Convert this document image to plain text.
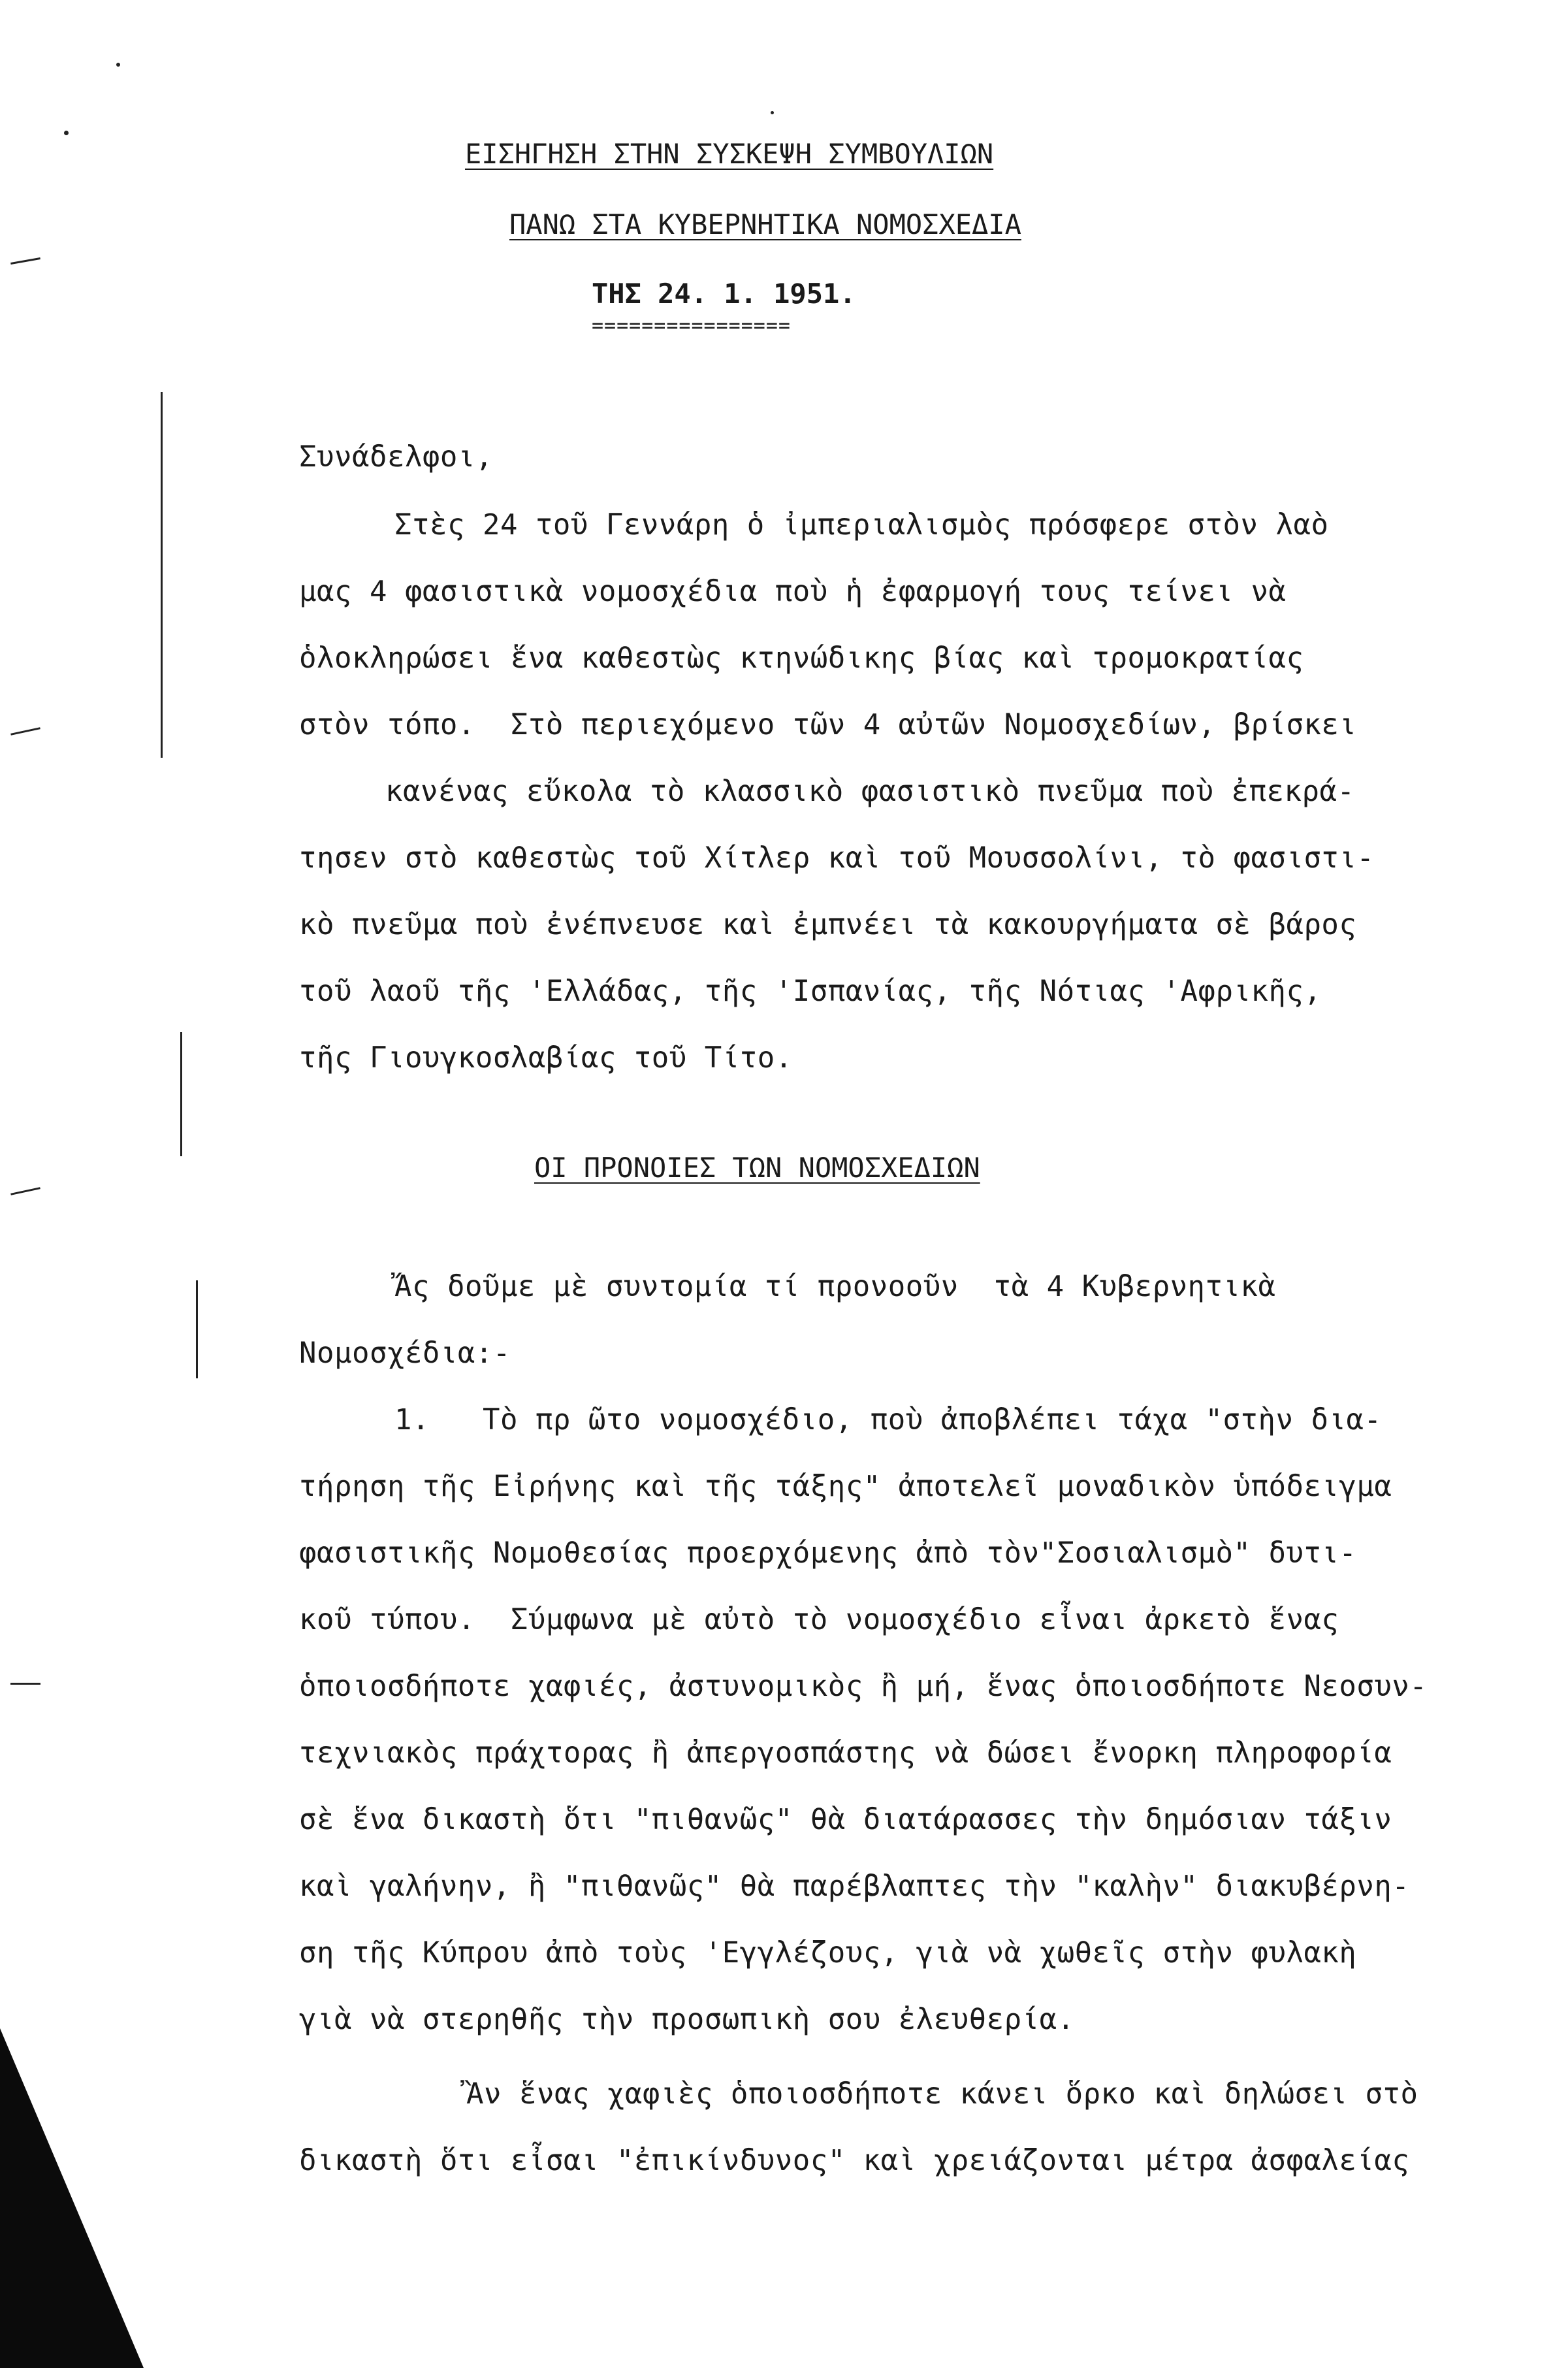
ΕΙΣΗΓΗΣΗ ΣΤΗΝ ΣΥΣΚΕΨΗ ΣΥΜΒΟΥΛΙΩΝ
ΠΑΝΩ ΣΤΑ ΚΥΒΕΡΝΗΤΙΚΑ ΝΟΜΟΣΧΕΔΙΑ
ΤΗΣ 24. 1. 1951.
================
Συνάδελφοι,
Στὲς 24 τοῦ Γεννάρη ὁ ἰμπεριαλισμὸς πρόσφερε στὸν λαὸ
μας 4 φασιστικὰ νομοσχέδια ποὺ ἡ ἐφαρμογή τους τείνει νὰ
ὁλοκληρώσει ἕνα καθεστὼς κτηνώδικης βίας καὶ τρομοκρατίας
στὸν τόπο.  Στὸ περιεχόμενο τῶν 4 αὐτῶν Νομοσχεδίων, βρίσκει
κανένας εὔκολα τὸ κλασσικὸ φασιστικὸ πνεῦμα ποὺ ἐπεκρά-
τησεν στὸ καθεστὼς τοῦ Χίτλερ καὶ τοῦ Μουσσολίνι, τὸ φασιστι-
κὸ πνεῦμα ποὺ ἐνέπνευσε καὶ ἐμπνέει τὰ κακουργήματα σὲ βάρος
τοῦ λαοῦ τῆς 'Ελλάδας, τῆς 'Ισπανίας, τῆς Νότιας 'Αφρικῆς,
τῆς Γιουγκοσλαβίας τοῦ Τίτο.
ΟΙ ΠΡΟΝΟΙΕΣ ΤΩΝ ΝΟΜΟΣΧΕΔΙΩΝ
Ἄς δοῦμε μὲ συντομία τί προνοοῦν  τὰ 4 Κυβερνητικὰ
Νομοσχέδια:-
1.   Τὸ πρ ῶτο νομοσχέδιο, ποὺ ἀποβλέπει τάχα "στὴν δια-
τήρηση τῆς Εἰρήνης καὶ τῆς τάξης" ἀποτελεῖ μοναδικὸν ὑπόδειγμα
φασιστικῆς Νομοθεσίας προερχόμενης ἀπὸ τὸν"Σοσιαλισμὸ" δυτι-
κοῦ τύπου.  Σύμφωνα μὲ αὐτὸ τὸ νομοσχέδιο εἶναι ἀρκετὸ ἕνας
ὁποιοσδήποτε χαφιές, ἀστυνομικὸς ἢ μή, ἕνας ὁποιοσδήποτε Νεοσυν-
τεχνιακὸς πράχτορας ἢ ἀπεργοσπάστης νὰ δώσει ἔνορκη πληροφορία
σὲ ἕνα δικαστὴ ὅτι "πιθανῶς" θὰ διατάρασσες τὴν δημόσιαν τάξιν
καὶ γαλήνην, ἢ "πιθανῶς" θὰ παρέβλαπτες τὴν "καλὴν" διακυβέρνη-
ση τῆς Κύπρου ἀπὸ τοὺς 'Εγγλέζους, γιὰ νὰ χωθεῖς στὴν φυλακὴ
γιὰ νὰ στερηθῆς τὴν προσωπικὴ σου ἐλευθερία.
Ἂν ἕνας χαφιὲς ὁποιοσδήποτε κάνει ὅρκο καὶ δηλώσει στὸ
δικαστὴ ὅτι εἶσαι "ἐπικίνδυνος" καὶ χρειάζονται μέτρα ἀσφαλείας
